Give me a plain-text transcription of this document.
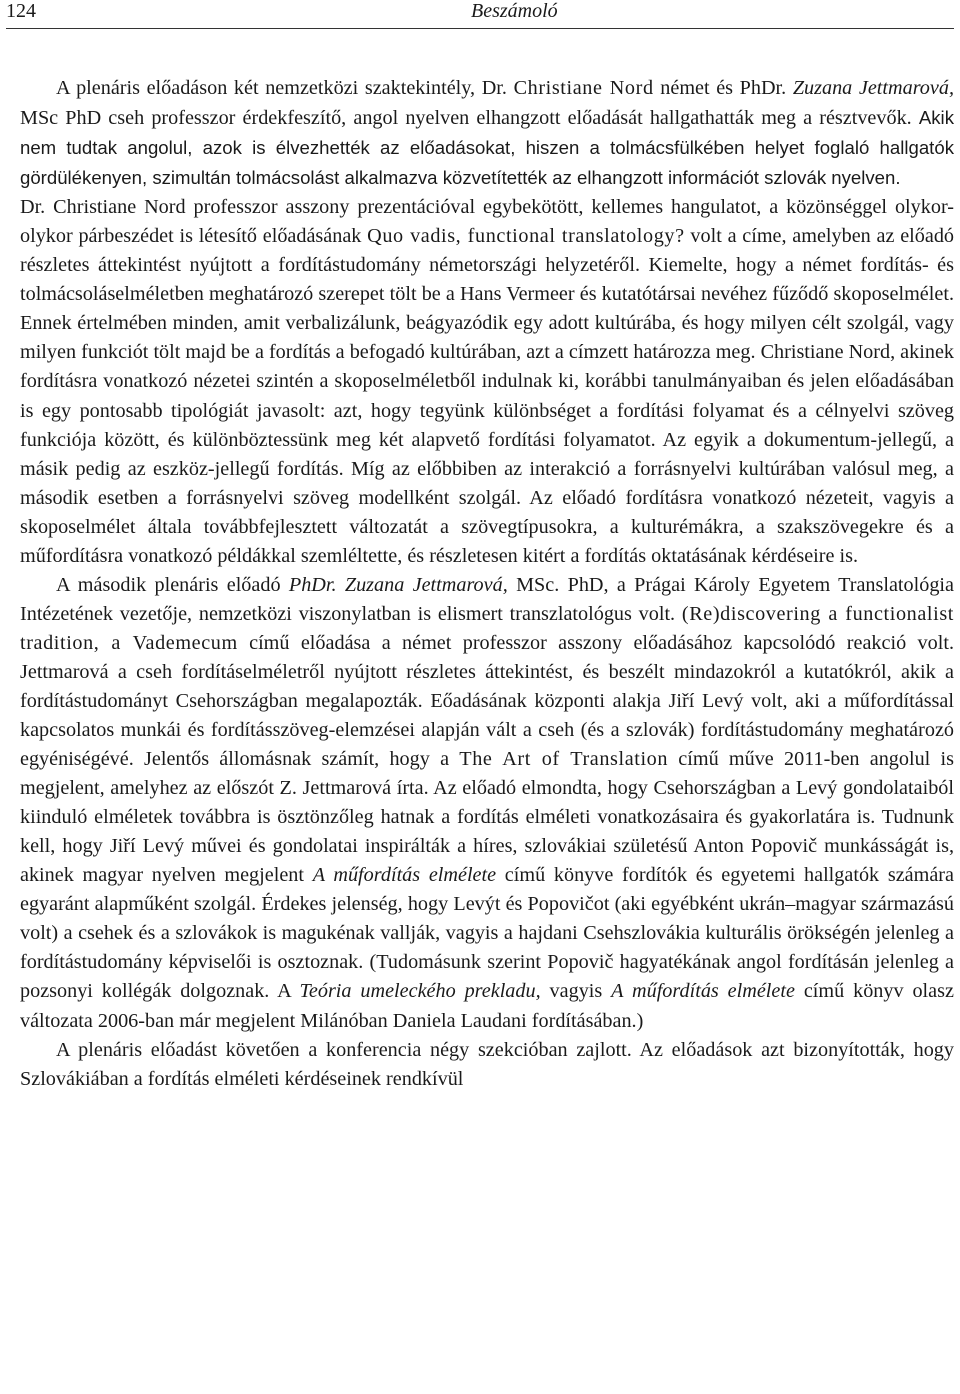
124	Beszámoló

A plenáris előadáson két nemzetközi szaktekintély, Dr. Christiane Nord német és PhDr. Zuzana Jettmarová, MSc PhD cseh professzor érdekfeszítő, angol nyelven elhangzott előadását hallgathatták meg a résztvevők. Akik nem tudtak angolul, azok is élvezhették az előadásokat, hiszen a tolmácsfülkében helyet foglaló hallgatók gördülékenyen, szimultán tolmácsolást alkalmazva közvetítették az elhangzott információt szlovák nyelven.

Dr. Christiane Nord professzor asszony prezentációval egybekötött, kellemes hangulatot, a közönséggel olykor-olykor párbeszédet is létesítő előadásának Quo vadis, functional translatology? volt a címe, amelyben az előadó részletes áttekintést nyújtott a fordítástudomány németországi helyzetéről. Kiemelte, hogy a német fordítás- és tolmácsoláselméletben meghatározó szerepet tölt be a Hans Vermeer és kutatótársai nevéhez fűződő skoposelmélet. Ennek értelmében minden, amit verbalizálunk, beágyazódik egy adott kultúrába, és hogy milyen célt szolgál, vagy milyen funkciót tölt majd be a fordítás a befogadó kultúrában, azt a címzett határozza meg. Christiane Nord, akinek fordításra vonatkozó nézetei szintén a skoposelméletből indulnak ki, korábbi tanulmányaiban és jelen előadásában is egy pontosabb tipológiát javasolt: azt, hogy tegyünk különbséget a fordítási folyamat és a célnyelvi szöveg funkciója között, és különböztessünk meg két alapvető fordítási folyamatot. Az egyik a dokumentum-jellegű, a másik pedig az eszköz-jellegű fordítás. Míg az előbbiben az interakció a forrásnyelvi kultúrában valósul meg, a második esetben a forrásnyelvi szöveg modellként szolgál. Az előadó fordításra vonatkozó nézeteit, vagyis a skoposelmélet általa továbbfejlesztett változatát a szövegtípusokra, a kulturémákra, a szakszövegekre és a műfordításra vonatkozó példákkal szemléltette, és részletesen kitért a fordítás oktatásának kérdéseire is.

A második plenáris előadó PhDr. Zuzana Jettmarová, MSc. PhD, a Prágai Károly Egyetem Translatológia Intézetének vezetője, nemzetközi viszonylatban is elismert transzlatológus volt. (Re)discovering a functionalist tradition, a Vademecum című előadása a német professzor asszony előadásához kapcsolódó reakció volt. Jettmarová a cseh fordításelméletről nyújtott részletes áttekintést, és beszélt mindazokról a kutatókról, akik a fordítástudományt Csehországban megalapozták. Eőadásának központi alakja Jiří Levý volt, aki a műfordítással kapcsolatos munkái és fordításszöveg-elemzései alapján vált a cseh (és a szlovák) fordítástudomány meghatározó egyéniségévé. Jelentős állomásnak számít, hogy a The Art of Translation című műve 2011-ben angolul is megjelent, amelyhez az előszót Z. Jettmarová írta. Az előadó elmondta, hogy Csehországban a Levý gondolataiból kiinduló elméletek továbbra is ösztönzőleg hatnak a fordítás elméleti vonatkozásaira és gyakorlatára is. Tudnunk kell, hogy Jiří Levý művei és gondolatai inspirálták a híres, szlovákiai születésű Anton Popovič munkásságát is, akinek magyar nyelven megjelent A műfordítás elmélete című könyve fordítók és egyetemi hallgatók számára egyaránt alapműként szolgál. Érdekes jelenség, hogy Levýt és Popovičot (aki egyébként ukrán–magyar származású volt) a csehek és a szlovákok is magukénak vallják, vagyis a hajdani Csehszlovákia kulturális örökségén jelenleg a fordítástudomány képviselői is osztoznak. (Tudomásunk szerint Popovič hagyatékának angol fordításán jelenleg a pozsonyi kollégák dolgoznak. A Teória umeleckého prekladu, vagyis A műfordítás elmélete című könyv olasz változata 2006-ban már megjelent Milánóban Daniela Laudani fordításában.)

A plenáris előadást követően a konferencia négy szekcióban zajlott. Az előadások azt bizonyították, hogy Szlovákiában a fordítás elméleti kérdéseinek rendkívül
